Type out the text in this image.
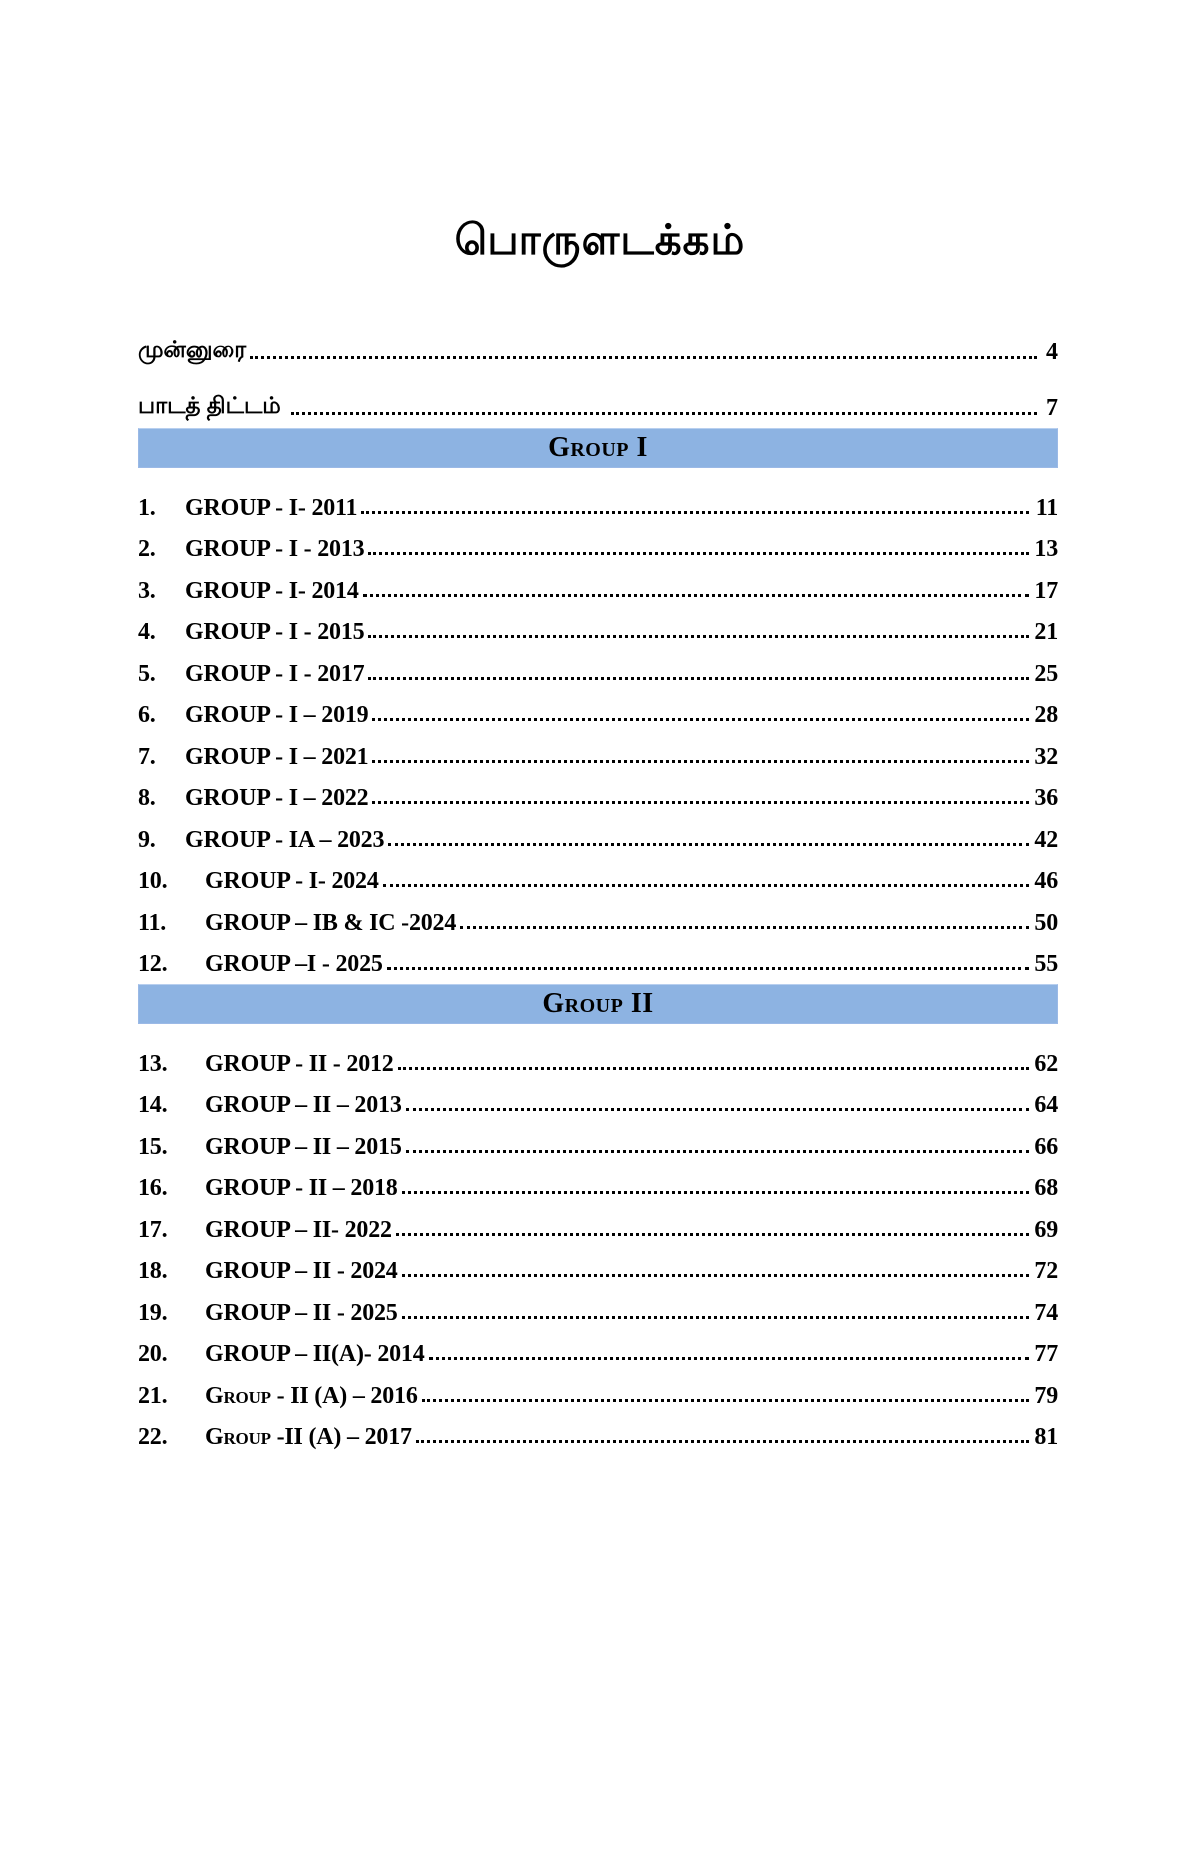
பொருளடக்கம்
முன்னுரை	4
பாடத் திட்டம்	7
Group I
1.	GROUP - I- 2011	11
2.	GROUP - I - 2013	13
3.	GROUP - I- 2014	17
4.	GROUP - I - 2015	21
5.	GROUP - I - 2017	25
6.	GROUP - I – 2019	28
7.	GROUP - I – 2021	32
8.	GROUP - I – 2022	36
9.	GROUP - IA – 2023	42
10.	GROUP - I- 2024	46
11.	GROUP – IB & IC -2024	50
12.	GROUP –I - 2025	55
Group II
13.	GROUP - II - 2012	62
14.	GROUP – II – 2013	64
15.	GROUP – II – 2015	66
16.	GROUP - II – 2018	68
17.	GROUP – II- 2022	69
18.	GROUP – II - 2024	72
19.	GROUP – II - 2025	74
20.	GROUP – II(A)- 2014	77
21.	Group - II (A) – 2016	79
22.	Group -II (A) – 2017	81
